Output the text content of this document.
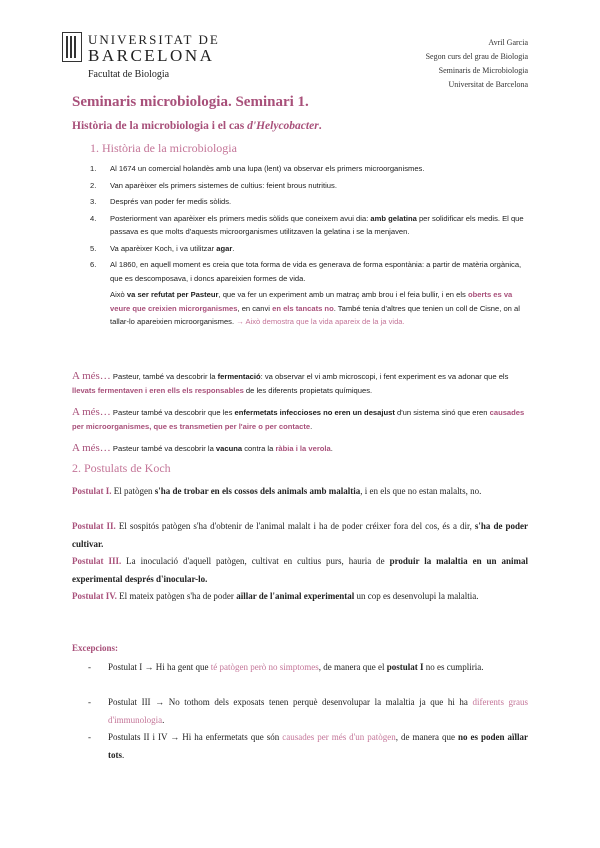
UNIVERSITAT DE
BARCELONA
Facultat de Biologia
Avril Garcia
Segon curs del grau de Biologia
Seminaris de Microbiologia
Universitat de Barcelona
Seminaris microbiologia. Seminari 1.
Història de la microbiologia i el cas d'Helycobacter.
1. Història de la microbiologia
1. Al 1674 un comercial holandès amb una lupa (lent) va observar els primers microorganismes.
2. Van aparèixer els primers sistemes de cultius: feient brous nutritius.
3. Després van poder fer medis sòlids.
4. Posteriorment van aparèixer els primers medis sòlids que coneixem avui dia: amb gelatina per solidificar els medis. El que passava es que molts d'aquests microorganismes utilitzaven la gelatina i se la menjaven.
5. Va aparèixer Koch, i va utilitzar agar.
6. Al 1860, en aquell moment es creia que tota forma de vida es generava de forma espontània: a partir de matèria orgànica, que es descomposava, i doncs apareixien formes de vida.
Això va ser refutat per Pasteur, que va fer un experiment amb un matraç amb brou i el feia bullir, i en els oberts es va veure que creixien microrganismes, en canvi en els tancats no. També tenia d'altres que tenien un coll de Cisne, on al tallar-lo apareixien microorganismes. → Això demostra que la vida apareix de la ja vida.
A més… Pasteur, també va descobrir la fermentació: va observar el vi amb microscopi, i fent experiment es va adonar que els llevats fermentaven i eren ells els responsables de les diferents propietats químiques.
A més… Pasteur també va descobrir que les enfermetats infeccioses no eren un desajust d'un sistema sinó que eren causades per microorganismes, que es transmetien per l'aire o per contacte.
A més… Pasteur també va descobrir la vacuna contra la ràbia i la verola.
2. Postulats de Koch
Postulat I. El patògen s'ha de trobar en els cossos dels animals amb malaltia, i en els que no estan malalts, no.
Postulat II. El sospitós patògen s'ha d'obtenir de l'animal malalt i ha de poder créixer fora del cos, és a dir, s'ha de poder cultivar.
Postulat III. La inoculació d'aquell patògen, cultivat en cultius purs, hauria de produir la malaltia en un animal experimental després d'inocular-lo.
Postulat IV. El mateix patògen s'ha de poder aïllar de l'animal experimental un cop es desenvolupi la malaltia.
Excepcions:
-	Postulat I → Hi ha gent que té patògen però no simptomes, de manera que el postulat I no es cumpliria.
-	Postulat III → No tothom dels exposats tenen perquè desenvolupar la malaltia ja que hi ha diferents graus d'immunologia.
-	Postulats II i IV → Hi ha enfermetats que són causades per més d'un patògen, de manera que no es poden aïllar tots.
